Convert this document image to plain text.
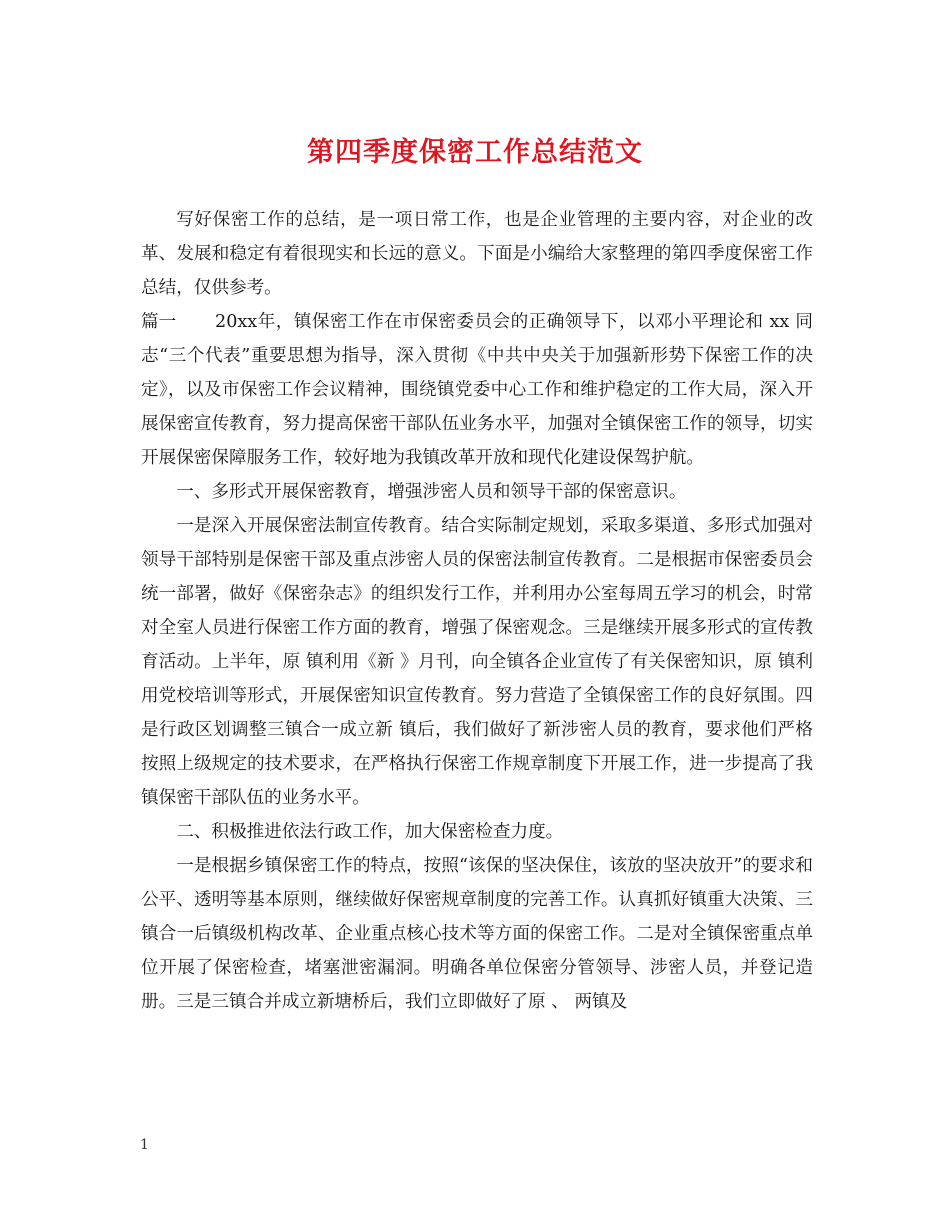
第四季度保密工作总结范文

写好保密工作的总结，是一项日常工作，也是企业管理的主要内容，对企业的改革、发展和稳定有着很现实和长远的意义。下面是小编给大家整理的第四季度保密工作总结，仅供参考。

篇一 20xx年，镇保密工作在市保密委员会的正确领导下，以邓小平理论和 xx 同志“三个代表”重要思想为指导，深入贯彻《中共中央关于加强新形势下保密工作的决定》，以及市保密工作会议精神，围绕镇党委中心工作和维护稳定的工作大局，深入开展保密宣传教育，努力提高保密干部队伍业务水平，加强对全镇保密工作的领导，切实开展保密保障服务工作，较好地为我镇改革开放和现代化建设保驾护航。

一、多形式开展保密教育，增强涉密人员和领导干部的保密意识。

一是深入开展保密法制宣传教育。结合实际制定规划，采取多渠道、多形式加强对领导干部特别是保密干部及重点涉密人员的保密法制宣传教育。二是根据市保密委员会统一部署，做好《保密杂志》的组织发行工作，并利用办公室每周五学习的机会，时常对全室人员进行保密工作方面的教育，增强了保密观念。三是继续开展多形式的宣传教育活动。上半年，原 镇利用《新 》月刊，向全镇各企业宣传了有关保密知识，原 镇利用党校培训等形式，开展保密知识宣传教育。努力营造了全镇保密工作的良好氛围。四是行政区划调整三镇合一成立新 镇后，我们做好了新涉密人员的教育，要求他们严格按照上级规定的技术要求，在严格执行保密工作规章制度下开展工作，进一步提高了我镇保密干部队伍的业务水平。

二、积极推进依法行政工作，加大保密检查力度。

一是根据乡镇保密工作的特点，按照“该保的坚决保住，该放的坚决放开”的要求和公平、透明等基本原则，继续做好保密规章制度的完善工作。认真抓好镇重大决策、三镇合一后镇级机构改革、企业重点核心技术等方面的保密工作。二是对全镇保密重点单位开展了保密检查，堵塞泄密漏洞。明确各单位保密分管领导、涉密人员，并登记造册。三是三镇合并成立新塘桥后，我们立即做好了原 、 两镇及

1
